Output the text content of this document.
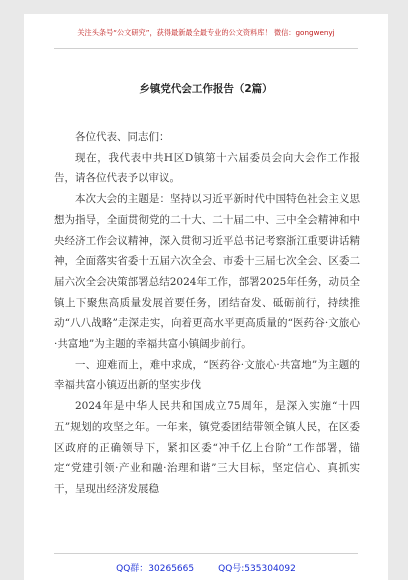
关注头条号“公文研究”，获得最新最全最专业的公文资料库！ 微信：gongwenyj
乡镇党代会工作报告（2篇）

各位代表、同志们：

现在，我代表中共H区D镇第十六届委员会向大会作工作报告，请各位代表予以审议。

本次大会的主题是：坚持以习近平新时代中国特色社会主义思想为指导，全面贯彻党的二十大、二十届二中、三中全会精神和中央经济工作会议精神，深入贯彻习近平总书记考察浙江重要讲话精神，全面落实省委十五届六次全会、市委十三届七次全会、区委二届六次全会决策部署总结2024年工作，部署2025年任务，动员全镇上下聚焦高质量发展首要任务，团结奋发、砥砺前行，持续推动“八八战略”走深走实，向着更高水平更高质量的“医药谷·文旅心·共富地”为主题的幸福共富小镇阔步前行。

一、迎难而上，难中求成，“医药谷·文旅心·共富地”为主题的幸福共富小镇迈出新的坚实步伐

2024年是中华人民共和国成立75周年，是深入实施“十四五”规划的攻坚之年。一年来，镇党委团结带领全镇人民，在区委区政府的正确领导下，紧扣区委“冲千亿上台阶”工作部署，锚定“党建引领·产业和融·治理和谐”三大目标，坚定信心、真抓实干，呈现出经济发展稳

QQ群：30265665	QQ号:535304092
